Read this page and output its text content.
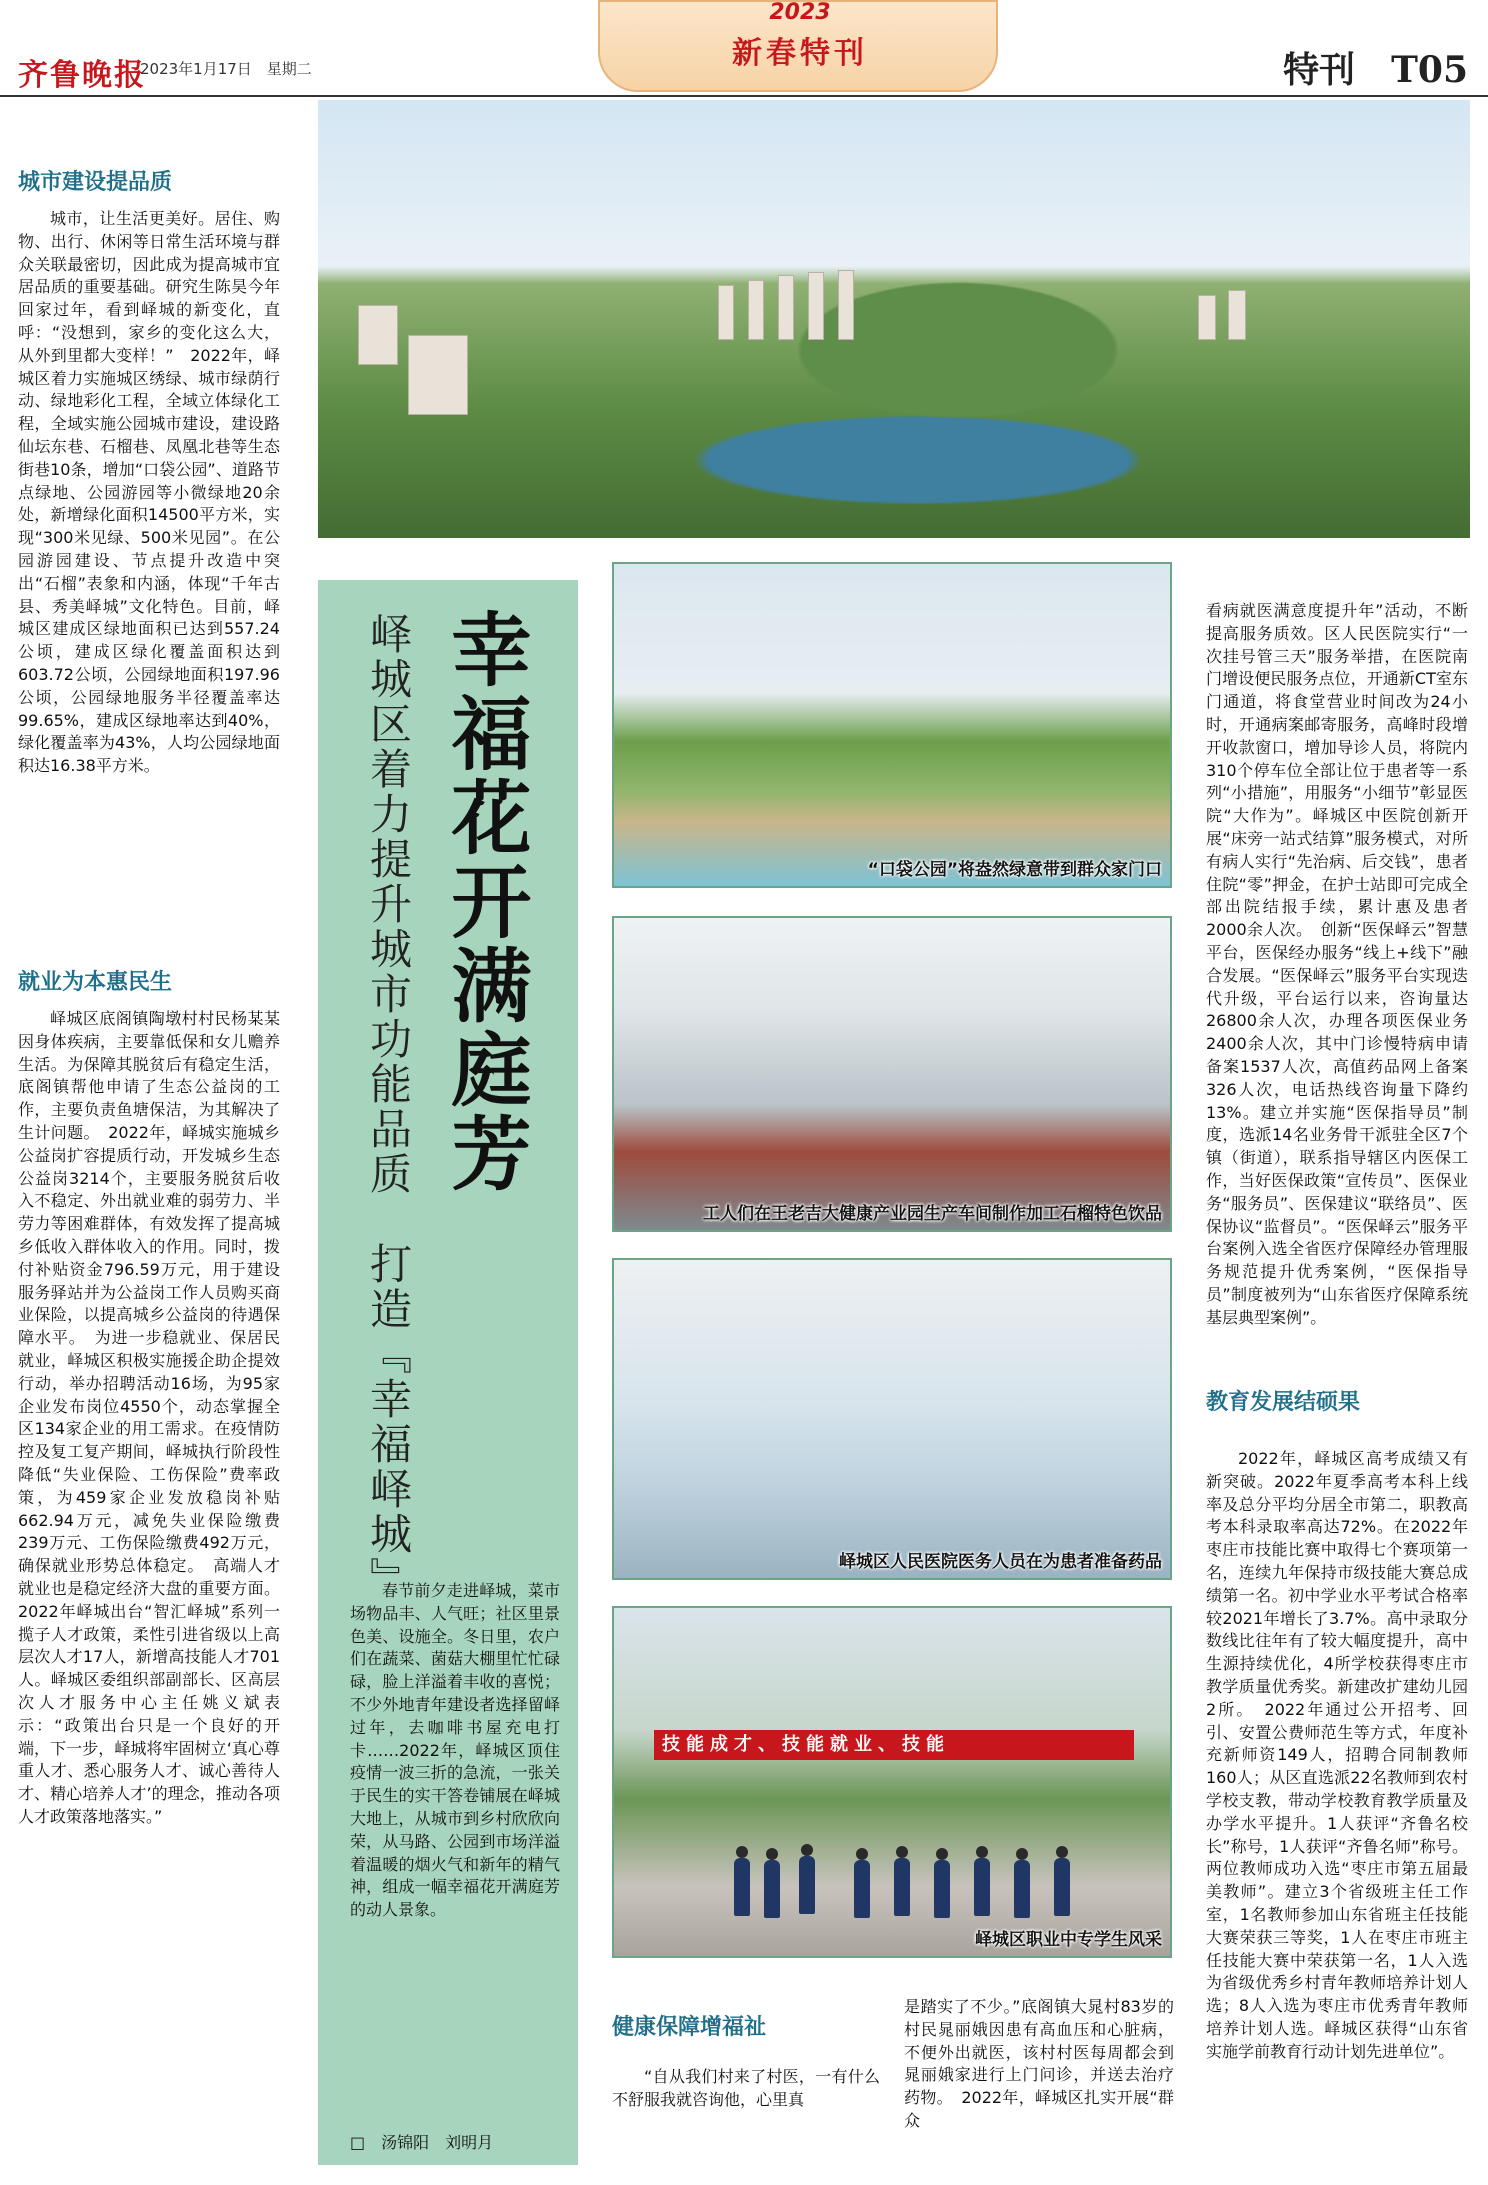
齐鲁晚报
2023年1月17日　星期二
2023
新春特刊	特刊　T05
城市建设提品质
城市，让生活更美好。居住、购物、出行、休闲等日常生活环境与群众关联最密切，因此成为提高城市宜居品质的重要基础。研究生陈昊今年回家过年，看到峄城的新变化，直呼：“没想到，家乡的变化这么大，从外到里都大变样！”　2022年，峄城区着力实施城区绣绿、城市绿荫行动、绿地彩化工程，全域立体绿化工程，全域实施公园城市建设，建设路仙坛东巷、石榴巷、凤凰北巷等生态街巷10条，增加“口袋公园”、道路节点绿地、公园游园等小微绿地20余处，新增绿化面积14500平方米，实现“300米见绿、500米见园”。在公园游园建设、节点提升改造中突出“石榴”表象和内涵，体现“千年古县、秀美峄城”文化特色。目前，峄城区建成区绿地面积已达到557.24公顷，建成区绿化覆盖面积达到603.72公顷，公园绿地面积197.96公顷，公园绿地服务半径覆盖率达99.65%，建成区绿地率达到40%，绿化覆盖率为43%，人均公园绿地面积达16.38平方米。
就业为本惠民生
峄城区底阁镇陶墩村村民杨某某因身体疾病，主要靠低保和女儿赡养生活。为保障其脱贫后有稳定生活，底阁镇帮他申请了生态公益岗的工作，主要负责鱼塘保洁，为其解决了生计问题。　2022年，峄城实施城乡公益岗扩容提质行动，开发城乡生态公益岗3214个，主要服务脱贫后收入不稳定、外出就业难的弱劳力、半劳力等困难群体，有效发挥了提高城乡低收入群体收入的作用。同时，拨付补贴资金796.59万元，用于建设服务驿站并为公益岗工作人员购买商业保险，以提高城乡公益岗的待遇保障水平。　为进一步稳就业、保居民就业，峄城区积极实施援企助企提效行动，举办招聘活动16场，为95家企业发布岗位4550个，动态掌握全区134家企业的用工需求。在疫情防控及复工复产期间，峄城执行阶段性降低“失业保险、工伤保险”费率政策，为459家企业发放稳岗补贴662.94万元，减免失业保险缴费239万元、工伤保险缴费492万元，确保就业形势总体稳定。　高端人才就业也是稳定经济大盘的重要方面。2022年峄城出台“智汇峄城”系列一揽子人才政策，柔性引进省级以上高层次人才17人，新增高技能人才701人。峄城区委组织部副部长、区高层次人才服务中心主任姚义斌表示：“政策出台只是一个良好的开端，下一步，峄城将牢固树立‘真心尊重人才、悉心服务人才、诚心善待人才、精心培养人才’的理念，推动各项人才政策落地落实。”
幸福花开满庭芳
峄城区着力提升城市功能品质　打造『幸福峄城』
春节前夕走进峄城，菜市场物品丰、人气旺；社区里景色美、设施全。冬日里，农户们在蔬菜、菌菇大棚里忙忙碌碌，脸上洋溢着丰收的喜悦；不少外地青年建设者选择留峄过年，去咖啡书屋充电打卡……2022年，峄城区顶住疫情一波三折的急流，一张关于民生的实干答卷铺展在峄城大地上，从城市到乡村欣欣向荣，从马路、公园到市场洋溢着温暖的烟火气和新年的精气神，组成一幅幸福花开满庭芳的动人景象。
□　汤锦阳　刘明月
“口袋公园”将盎然绿意带到群众家门口
工人们在王老吉大健康产业园生产车间制作加工石榴特色饮品
峄城区人民医院医务人员在为患者准备药品
技能成才、技能就业、技能
峄城区职业中专学生风采
健康保障增福祉
“自从我们村来了村医，一有什么不舒服我就咨询他，心里真
是踏实了不少。”底阁镇大晁村83岁的村民晁丽娥因患有高血压和心脏病，不便外出就医，该村村医每周都会到晁丽娥家进行上门问诊，并送去治疗药物。　2022年，峄城区扎实开展“群众
看病就医满意度提升年”活动，不断提高服务质效。区人民医院实行“一次挂号管三天”服务举措，在医院南门增设便民服务点位，开通新CT室东门通道，将食堂营业时间改为24小时，开通病案邮寄服务，高峰时段增开收款窗口，增加导诊人员，将院内310个停车位全部让位于患者等一系列“小措施”，用服务“小细节”彰显医院“大作为”。峄城区中医院创新开展“床旁一站式结算”服务模式，对所有病人实行“先治病、后交钱”，患者住院“零”押金，在护士站即可完成全部出院结报手续，累计惠及患者2000余人次。　创新“医保峄云”智慧平台，医保经办服务“线上+线下”融合发展。“医保峄云”服务平台实现迭代升级，平台运行以来，咨询量达26800余人次，办理各项医保业务2400余人次，其中门诊慢特病申请备案1537人次，高值药品网上备案326人次，电话热线咨询量下降约13%。建立并实施“医保指导员”制度，选派14名业务骨干派驻全区7个镇（街道），联系指导辖区内医保工作，当好医保政策“宣传员”、医保业务“服务员”、医保建议“联络员”、医保协议“监督员”。“医保峄云”服务平台案例入选全省医疗保障经办管理服务规范提升优秀案例，“医保指导员”制度被列为“山东省医疗保障系统基层典型案例”。
教育发展结硕果
2022年，峄城区高考成绩又有新突破。2022年夏季高考本科上线率及总分平均分居全市第二，职教高考本科录取率高达72%。在2022年枣庄市技能比赛中取得七个赛项第一名，连续九年保持市级技能大赛总成绩第一名。初中学业水平考试合格率较2021年增长了3.7%。高中录取分数线比往年有了较大幅度提升，高中生源持续优化，4所学校获得枣庄市教学质量优秀奖。新建改扩建幼儿园2所。　2022年通过公开招考、回引、安置公费师范生等方式，年度补充新师资149人，招聘合同制教师160人；从区直选派22名教师到农村学校支教，带动学校教育教学质量及办学水平提升。1人获评“齐鲁名校长”称号，1人获评“齐鲁名师”称号。两位教师成功入选“枣庄市第五届最美教师”。建立3个省级班主任工作室，1名教师参加山东省班主任技能大赛荣获三等奖，1人在枣庄市班主任技能大赛中荣获第一名，1人入选为省级优秀乡村青年教师培养计划人选；8人入选为枣庄市优秀青年教师培养计划人选。峄城区获得“山东省实施学前教育行动计划先进单位”。
